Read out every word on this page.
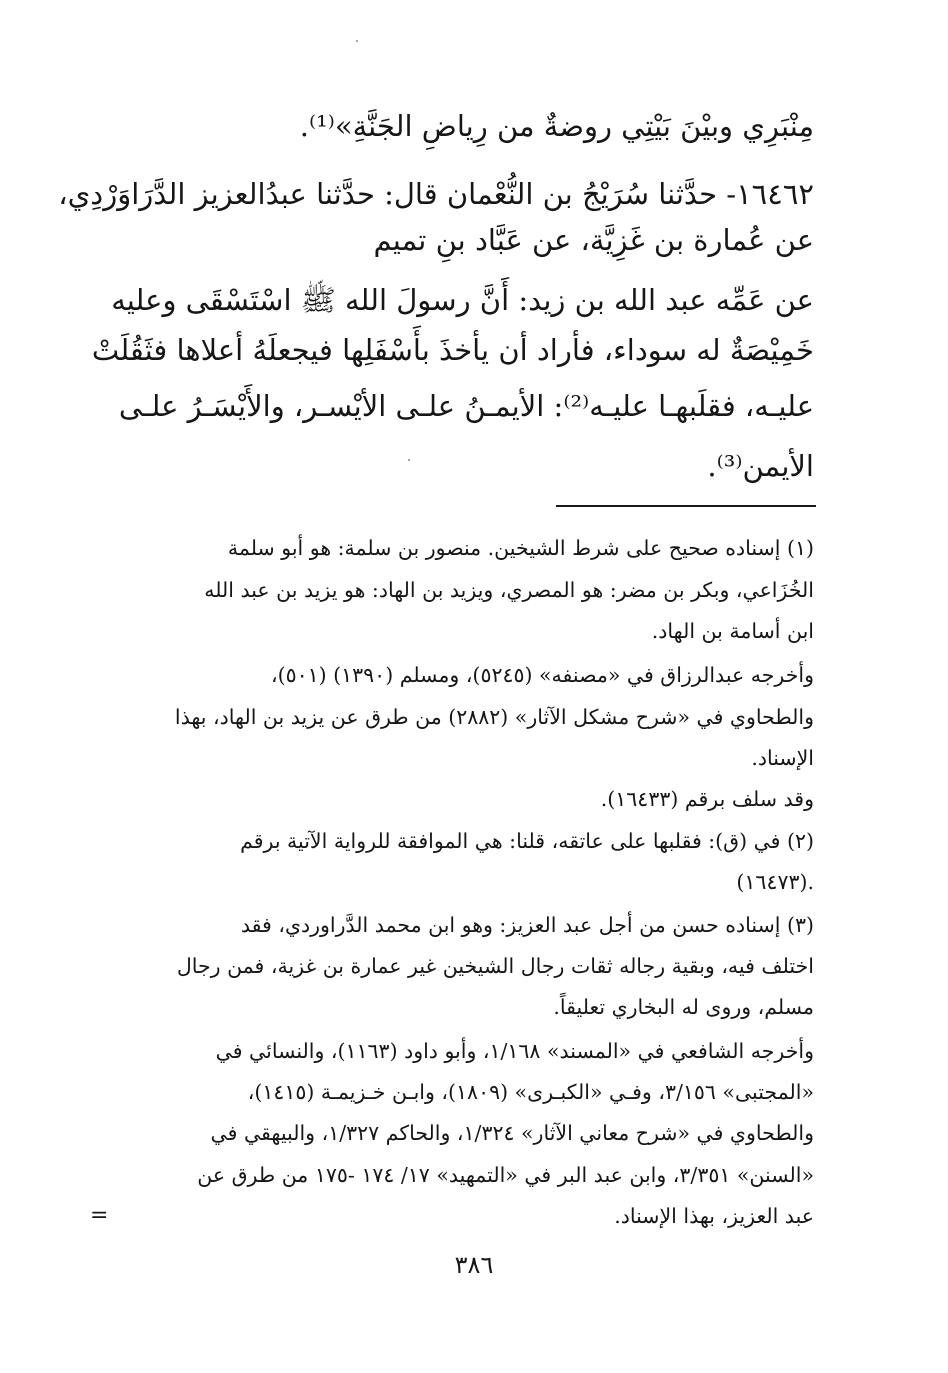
مِنْبَرِي وبيْنَ بَيْتِي روضةٌ من رِياضِ الجَنَّةِ»⁽¹⁾.
١٦٤٦٢- حدَّثنا سُرَيْجُ بن النُّعْمان قال: حدَّثنا عبدُالعزيز الدَّرَاوَرْدِي،
عن عُمارة بن غَزِيَّة، عن عَبَّاد بنِ تميم
عن عَمِّه عبد الله بن زيد: أَنَّ رسولَ الله ﷺ اسْتَسْقَى وعليه
خَمِيْصَةٌ له سوداء، فأراد أن يأخذَ بأَسْفَلِها فيجعلَهُ أعلاها فثَقُلَتْ
عليـه، فقلَبهـا عليـه⁽²⁾: الأيمـنُ علـى الأيْسـر، والأَيْسَـرُ علـى
الأيمن⁽³⁾.
(١) إسناده صحيح على شرط الشيخين. منصور بن سلمة: هو أبو سلمة
الخُزَاعي، وبكر بن مضر: هو المصري، ويزيد بن الهاد: هو يزيد بن عبد الله
ابن أسامة بن الهاد.
وأخرجه عبدالرزاق في «مصنفه» (٥٢٤٥)، ومسلم (١٣٩٠) (٥٠١)،
والطحاوي في «شرح مشكل الآثار» (٢٨٨٢) من طرق عن يزيد بن الهاد، بهذا
الإسناد.
وقد سلف برقم (١٦٤٣٣).
(٢) في (ق): فقلبها على عاتقه، قلنا: هي الموافقة للرواية الآتية برقم
(١٦٤٧٣).
(٣) إسناده حسن من أجل عبد العزيز: وهو ابن محمد الدَّراوردي، فقد
اختلف فيه، وبقية رجاله ثقات رجال الشيخين غير عمارة بن غزية، فمن رجال
مسلم، وروى له البخاري تعليقاً.
وأخرجه الشافعي في «المسند» ١/١٦٨، وأبو داود (١١٦٣)، والنسائي في
«المجتبى» ٣/١٥٦، وفـي «الكبـرى» (١٨٠٩)، وابـن خـزيمـة (١٤١٥)،
والطحاوي في «شرح معاني الآثار» ١/٣٢٤، والحاكم ١/٣٢٧، والبيهقي في
«السنن» ٣/٣٥١، وابن عبد البر في «التمهيد» ١٧/ ١٧٤ -١٧٥ من طرق عن
عبد العزيز، بهذا الإسناد.
=
٣٨٦
